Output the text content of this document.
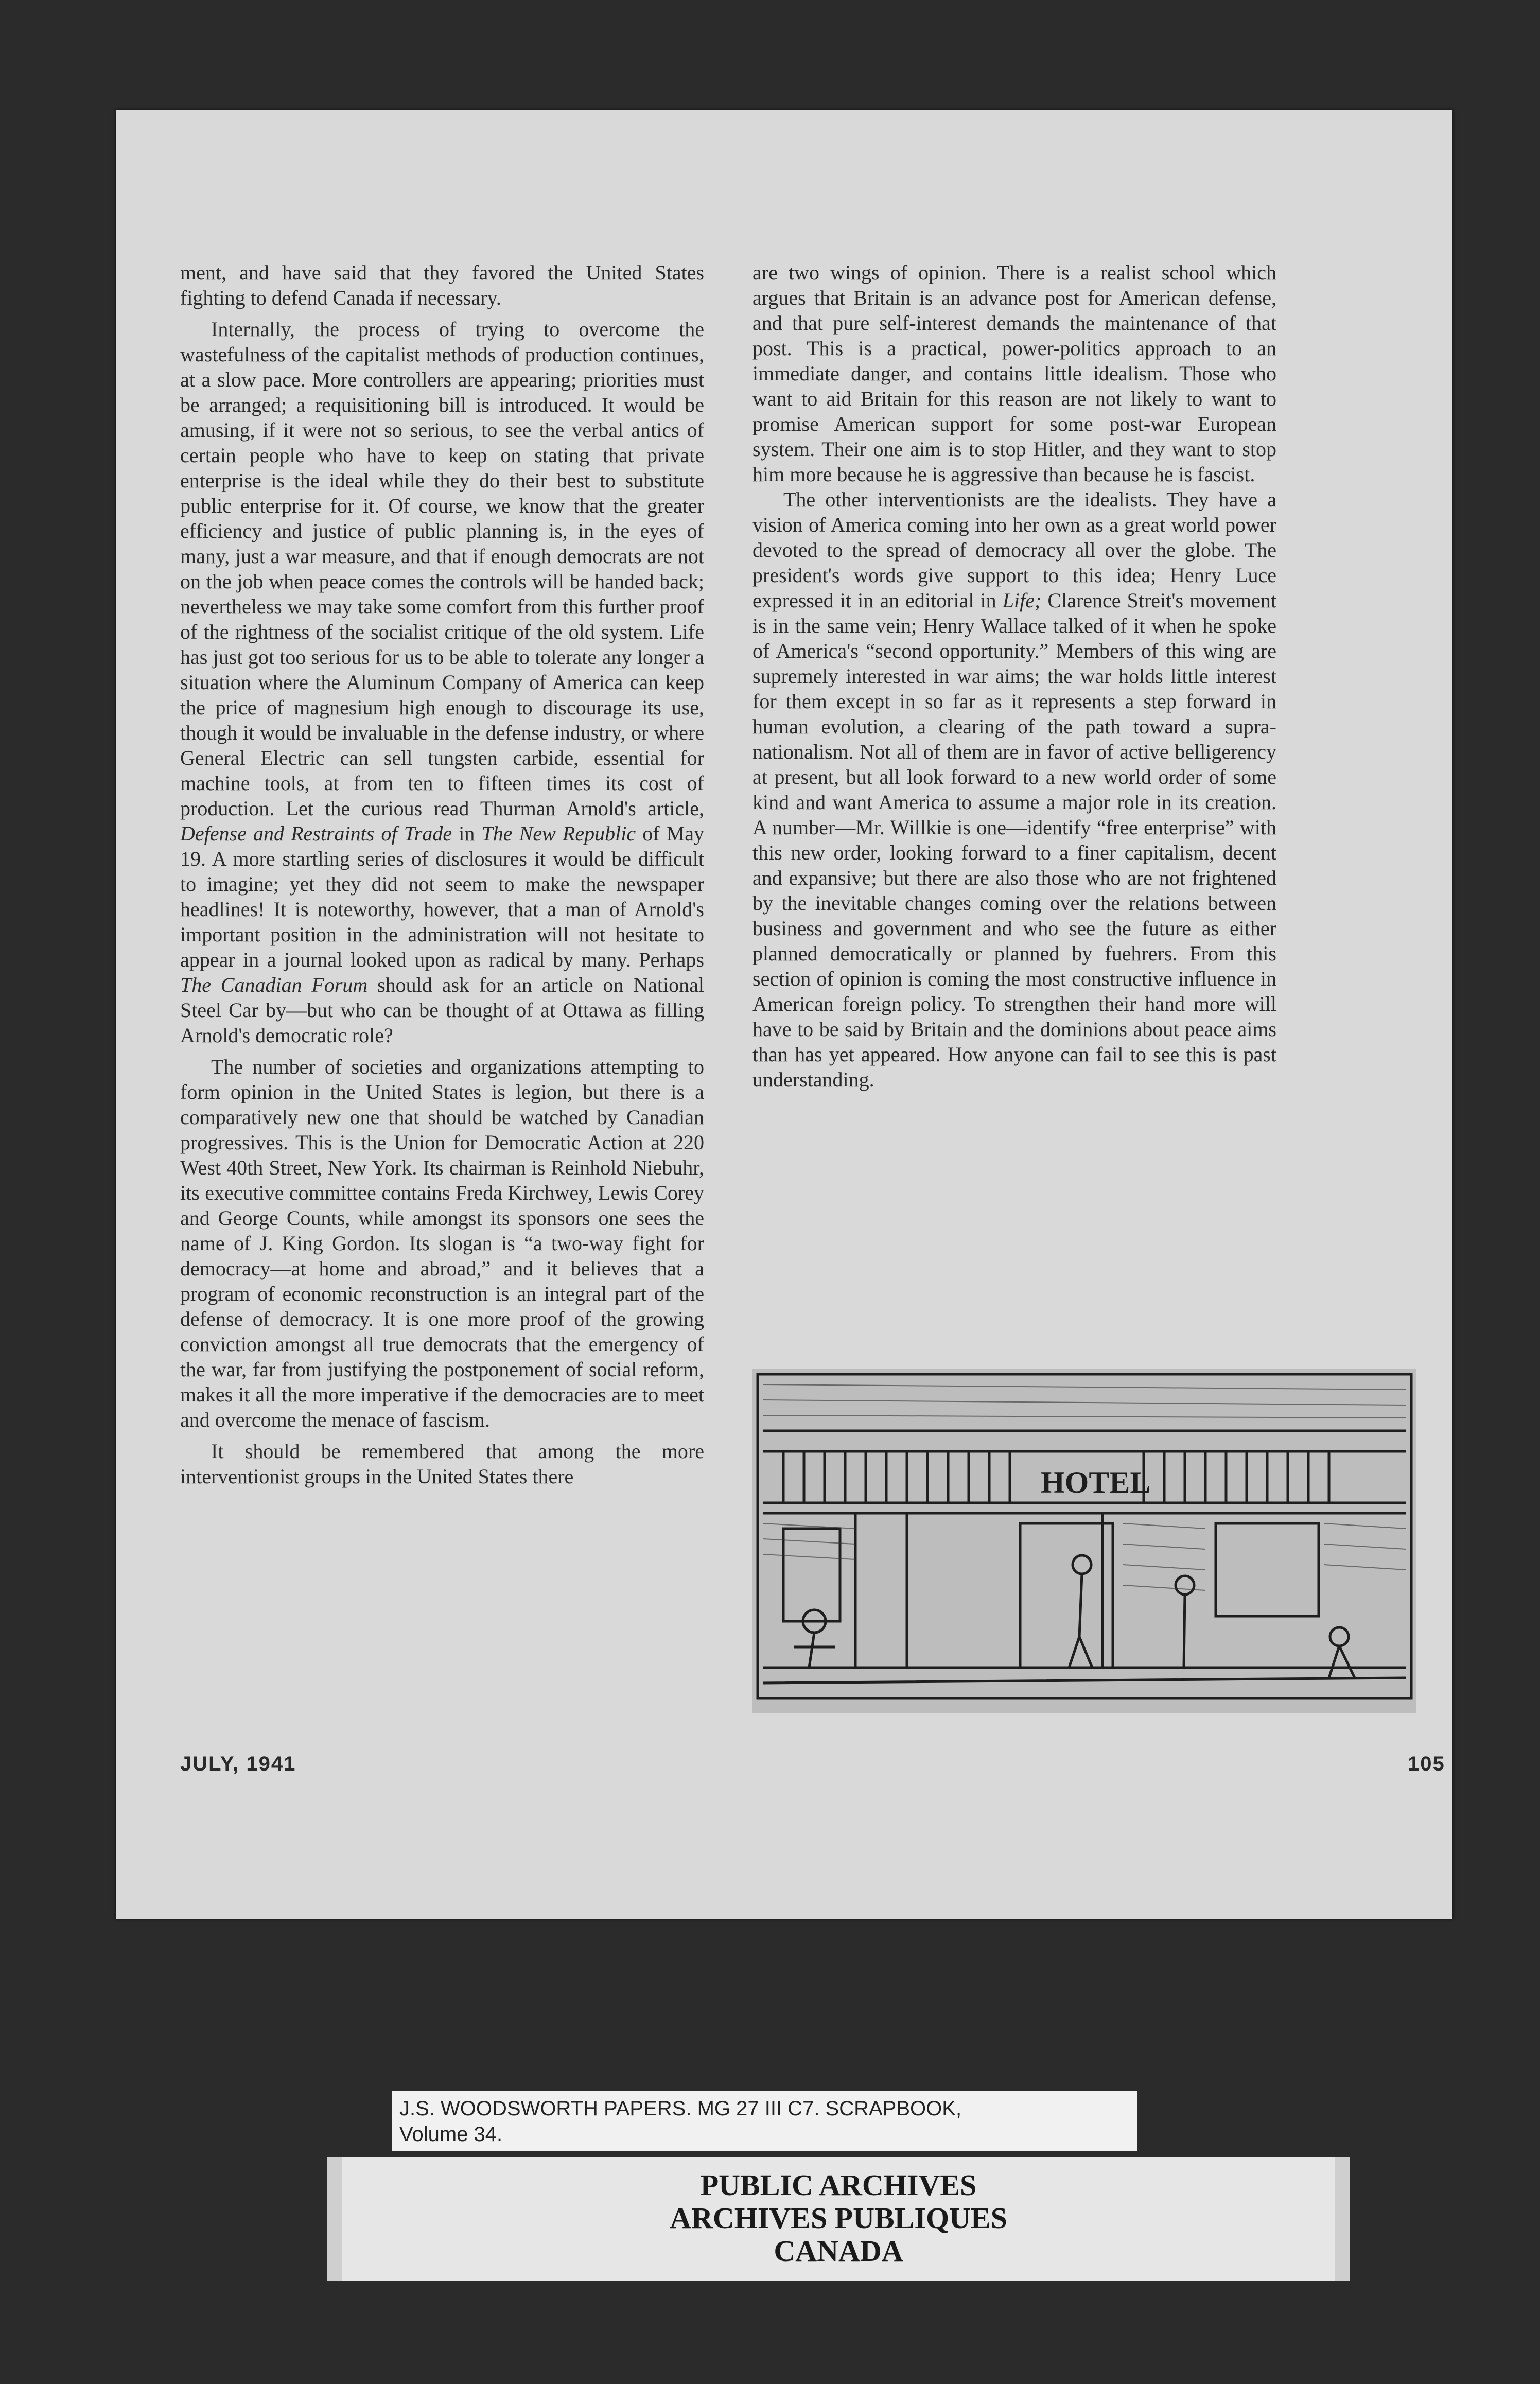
ment, and have said that they favored the United States fighting to defend Canada if necessary.

Internally, the process of trying to overcome the wastefulness of the capitalist methods of production continues, at a slow pace. More controllers are appearing; priorities must be arranged; a requisitioning bill is introduced. It would be amusing, if it were not so serious, to see the verbal antics of certain people who have to keep on stating that private enterprise is the ideal while they do their best to substitute public enterprise for it. Of course, we know that the greater efficiency and justice of public planning is, in the eyes of many, just a war measure, and that if enough democrats are not on the job when peace comes the controls will be handed back; nevertheless we may take some comfort from this further proof of the rightness of the socialist critique of the old system. Life has just got too serious for us to be able to tolerate any longer a situation where the Aluminum Company of America can keep the price of magnesium high enough to discourage its use, though it would be invaluable in the defense industry, or where General Electric can sell tungsten carbide, essential for machine tools, at from ten to fifteen times its cost of production. Let the curious read Thurman Arnold's article, Defense and Restraints of Trade in The New Republic of May 19. A more startling series of disclosures it would be difficult to imagine; yet they did not seem to make the newspaper headlines! It is noteworthy, however, that a man of Arnold's important position in the administration will not hesitate to appear in a journal looked upon as radical by many. Perhaps The Canadian Forum should ask for an article on National Steel Car by—but who can be thought of at Ottawa as filling Arnold's democratic role?

The number of societies and organizations attempting to form opinion in the United States is legion, but there is a comparatively new one that should be watched by Canadian progressives. This is the Union for Democratic Action at 220 West 40th Street, New York. Its chairman is Reinhold Niebuhr, its executive committee contains Freda Kirchwey, Lewis Corey and George Counts, while amongst its sponsors one sees the name of J. King Gordon. Its slogan is “a two-way fight for democracy—at home and abroad,” and it believes that a program of economic reconstruction is an integral part of the defense of democracy. It is one more proof of the growing conviction amongst all true democrats that the emergency of the war, far from justifying the postponement of social reform, makes it all the more imperative if the democracies are to meet and overcome the menace of fascism.

It should be remembered that among the more interventionist groups in the United States there

are two wings of opinion. There is a realist school which argues that Britain is an advance post for American defense, and that pure self-interest demands the maintenance of that post. This is a practical, power-politics approach to an immediate danger, and contains little idealism. Those who want to aid Britain for this reason are not likely to want to promise American support for some post-war European system. Their one aim is to stop Hitler, and they want to stop him more because he is aggressive than because he is fascist.

The other interventionists are the idealists. They have a vision of America coming into her own as a great world power devoted to the spread of democracy all over the globe. The president's words give support to this idea; Henry Luce expressed it in an editorial in Life; Clarence Streit's movement is in the same vein; Henry Wallace talked of it when he spoke of America's “second opportunity.” Members of this wing are supremely interested in war aims; the war holds little interest for them except in so far as it represents a step forward in human evolution, a clearing of the path toward a supra-nationalism. Not all of them are in favor of active belligerency at present, but all look forward to a new world order of some kind and want America to assume a major role in its creation. A number—Mr. Willkie is one—identify “free enterprise” with this new order, looking forward to a finer capitalism, decent and expansive; but there are also those who are not frightened by the inevitable changes coming over the relations between business and government and who see the future as either planned democratically or planned by fuehrers. From this section of opinion is coming the most constructive influence in American foreign policy. To strengthen their hand more will have to be said by Britain and the dominions about peace aims than has yet appeared. How anyone can fail to see this is past understanding.

HOTEL
JULY, 1941	105
J.S. WOODSWORTH PAPERS. MG 27 III C7. SCRAPBOOK,
Volume 34.
PUBLIC ARCHIVES
ARCHIVES PUBLIQUES
CANADA
